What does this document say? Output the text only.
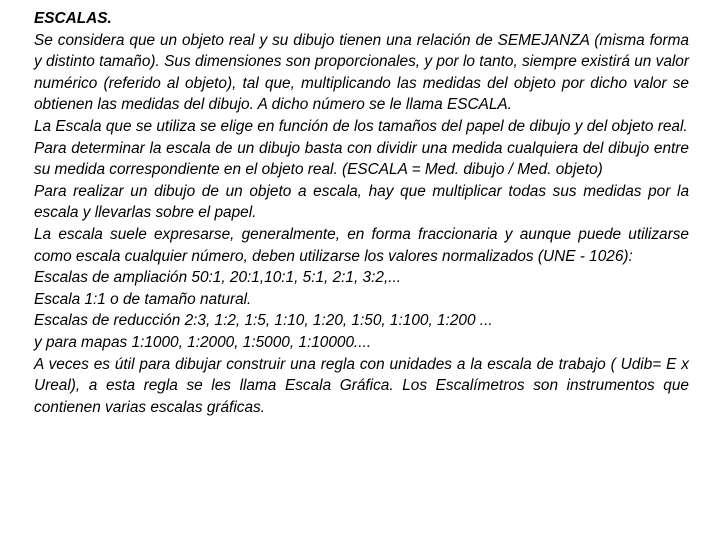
ESCALAS.

Se considera que un objeto real y su dibujo tienen una relación de SEMEJANZA (misma forma y distinto tamaño). Sus dimensiones son proporcionales, y por lo tanto, siempre existirá un valor numérico (referido al objeto), tal que, multiplicando las medidas del objeto por dicho valor se obtienen las medidas del dibujo. A dicho número se le llama ESCALA.

La Escala que se utiliza se elige en función de los tamaños del papel de dibujo y del objeto real.

Para determinar la escala de un dibujo basta con dividir una medida cualquiera del dibujo entre su medida correspondiente en el objeto real. (ESCALA = Med. dibujo / Med. objeto)

Para realizar un dibujo de un objeto a escala, hay que multiplicar todas sus medidas por la escala y llevarlas sobre el papel.

La escala suele expresarse, generalmente, en forma fraccionaria y aunque puede utilizarse como escala cualquier número, deben utilizarse los valores normalizados (UNE - 1026):

Escalas de ampliación 50:1, 20:1,10:1, 5:1, 2:1, 3:2,...

Escala 1:1 o de tamaño natural.

Escalas de reducción 2:3, 1:2, 1:5, 1:10, 1:20, 1:50, 1:100, 1:200 ...

y para mapas 1:1000, 1:2000, 1:5000, 1:10000....

A veces es útil para dibujar construir una regla con unidades a la escala de trabajo ( Udib= E x Ureal), a esta regla se les llama Escala Gráfica. Los Escalímetros son instrumentos que contienen varias escalas gráficas.
